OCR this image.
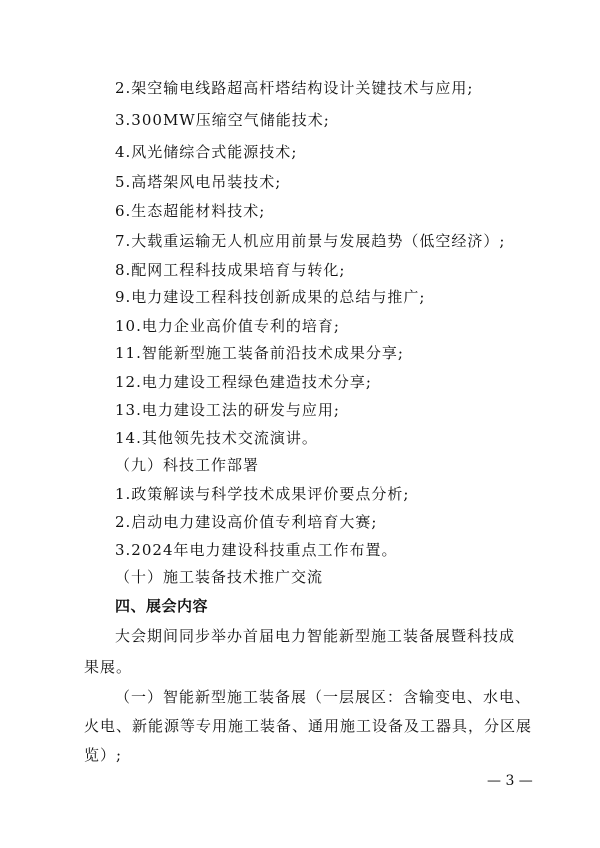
2.架空输电线路超高杆塔结构设计关键技术与应用;
3.300MW压缩空气储能技术;
4.风光储综合式能源技术;
5.高塔架风电吊装技术;
6.生态超能材料技术;
7.大载重运输无人机应用前景与发展趋势（低空经济）;
8.配网工程科技成果培育与转化;
9.电力建设工程科技创新成果的总结与推广;
10.电力企业高价值专利的培育;
11.智能新型施工装备前沿技术成果分享;
12.电力建设工程绿色建造技术分享;
13.电力建设工法的研发与应用;
14.其他领先技术交流演讲。
（九）科技工作部署
1.政策解读与科学技术成果评价要点分析;
2.启动电力建设高价值专利培育大赛;
3.2024年电力建设科技重点工作布置。
（十）施工装备技术推广交流
四、展会内容
大会期间同步举办首届电力智能新型施工装备展暨科技成
果展。
（一）智能新型施工装备展（一层展区：含输变电、水电、
火电、新能源等专用施工装备、通用施工设备及工器具，分区展
览）;
— 3 —
